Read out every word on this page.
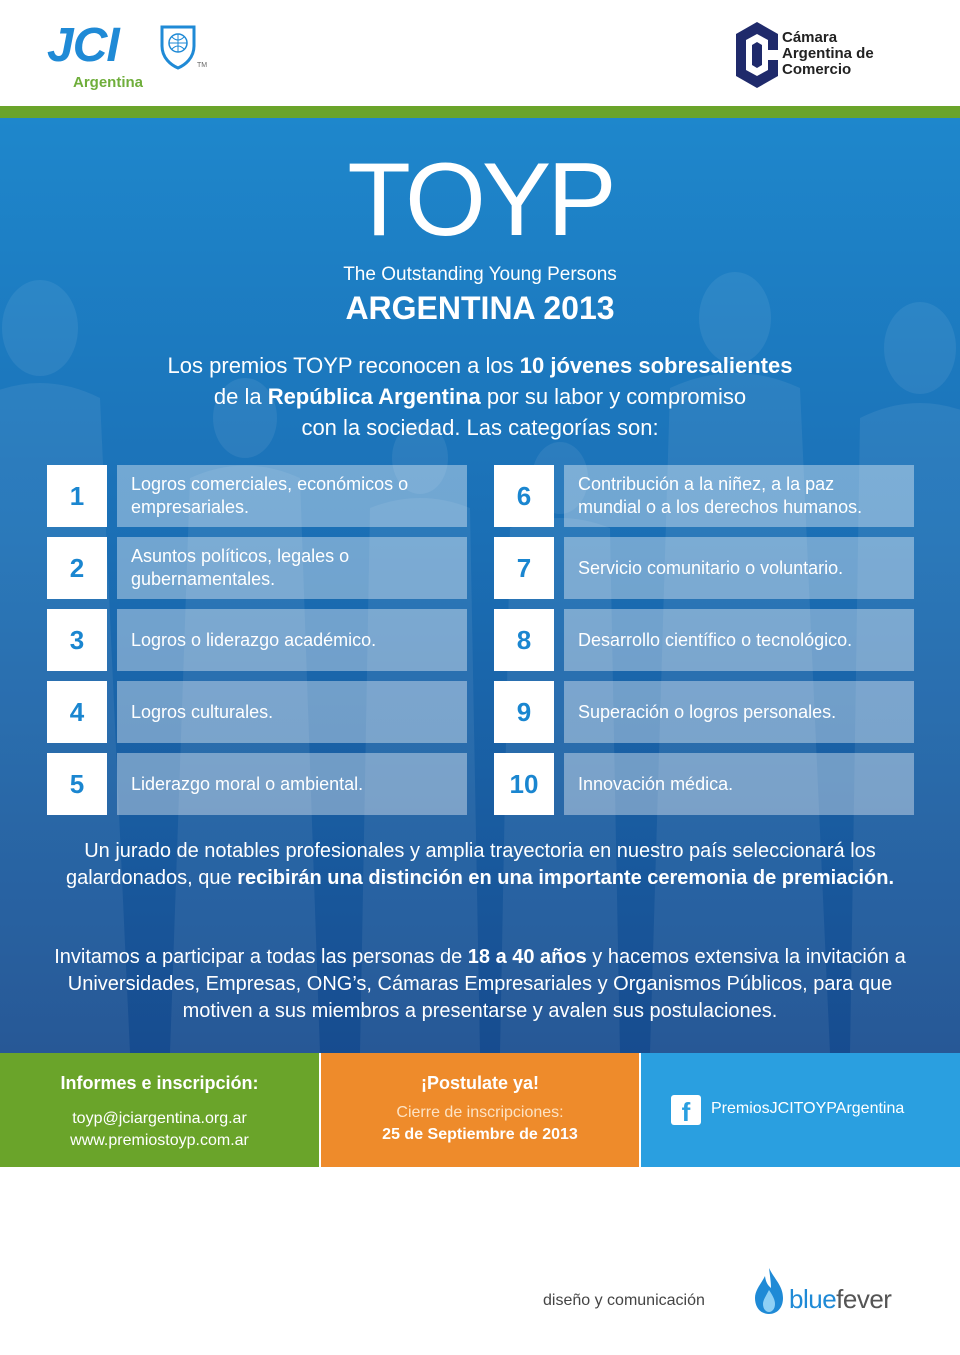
JCI	TM
Argentina
Cámara
Argentina de
Comercio
TOYP
The Outstanding Young Persons
ARGENTINA 2013
Los premios TOYP reconocen a los 10 jóvenes sobresalientes
de la República Argentina por su labor y compromiso
con la sociedad. Las categorías son:
1	Logros comerciales, económicos o empresariales.
2	Asuntos políticos, legales o gubernamentales.
3	Logros o liderazgo académico.
4	Logros culturales.
5	Liderazgo moral o ambiental.
6	Contribución a la niñez, a la paz mundial o a los derechos humanos.
7	Servicio comunitario o voluntario.
8	Desarrollo científico o tecnológico.
9	Superación o logros personales.
10	Innovación médica.
Un jurado de notables profesionales y amplia trayectoria en nuestro país seleccionará los galardonados, que recibirán una distinción en una importante ceremonia de premiación.
Invitamos a participar a todas las personas de 18 a 40 años y hacemos extensiva la invitación a Universidades, Empresas, ONG’s, Cámaras Empresariales y Organismos Públicos, para que motiven a sus miembros a presentarse y avalen sus postulaciones.
Informes e inscripción:
toyp@jciargentina.org.ar
www.premiostoyp.com.ar
¡Postulate ya!
Cierre de inscripciones:
25 de Septiembre de 2013
f	PremiosJCITOYPArgentina
diseño y comunicación	bluefever
